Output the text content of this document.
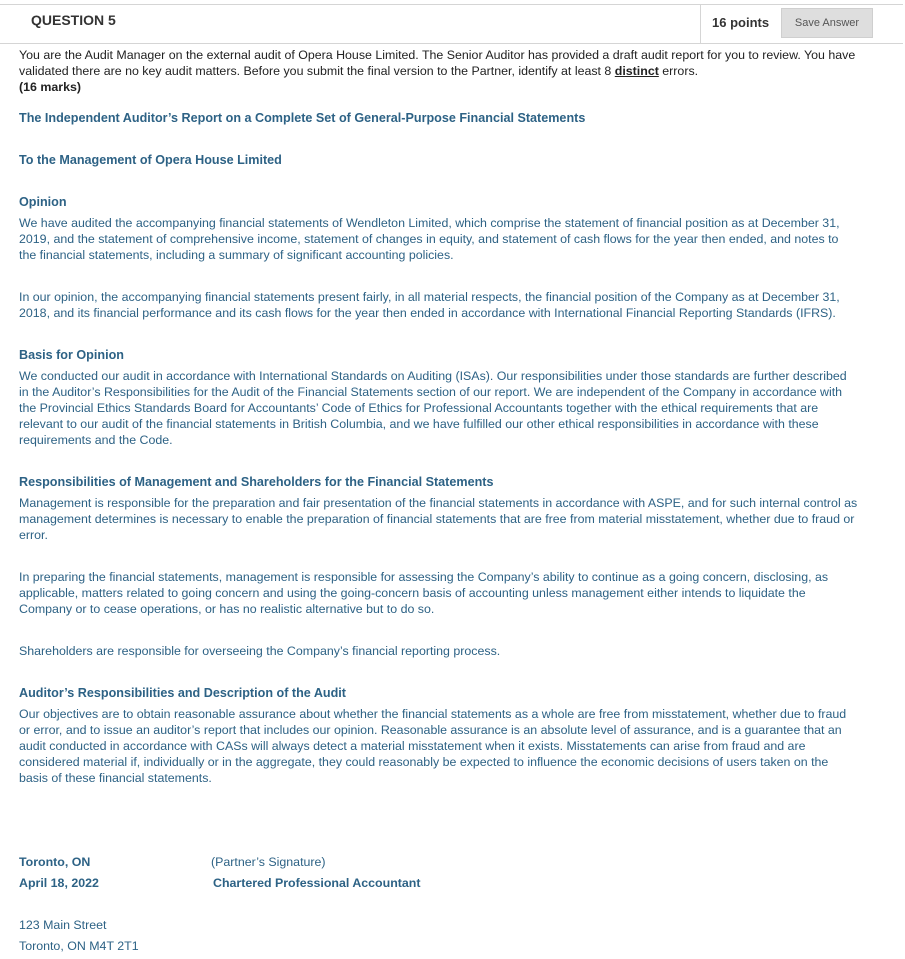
QUESTION 5	16 points	Save Answer

You are the Audit Manager on the external audit of Opera House Limited. The Senior Auditor has provided a draft audit report for you to review. You have validated there are no key audit matters. Before you submit the final version to the Partner, identify at least 8 distinct errors.
(16 marks)

The Independent Auditor’s Report on a Complete Set of General-Purpose Financial Statements
To the Management of Opera House Limited
Opinion

We have audited the accompanying financial statements of Wendleton Limited, which comprise the statement of financial position as at December 31, 2019, and the statement of comprehensive income, statement of changes in equity, and statement of cash flows for the year then ended, and notes to the financial statements, including a summary of significant accounting policies.

In our opinion, the accompanying financial statements present fairly, in all material respects, the financial position of the Company as at December 31, 2018, and its financial performance and its cash flows for the year then ended in accordance with International Financial Reporting Standards (IFRS).

Basis for Opinion

We conducted our audit in accordance with International Standards on Auditing (ISAs). Our responsibilities under those standards are further described in the Auditor’s Responsibilities for the Audit of the Financial Statements section of our report. We are independent of the Company in accordance with the Provincial Ethics Standards Board for Accountants’ Code of Ethics for Professional Accountants together with the ethical requirements that are relevant to our audit of the financial statements in British Columbia, and we have fulfilled our other ethical responsibilities in accordance with these requirements and the Code.

Responsibilities of Management and Shareholders for the Financial Statements

Management is responsible for the preparation and fair presentation of the financial statements in accordance with ASPE, and for such internal control as management determines is necessary to enable the preparation of financial statements that are free from material misstatement, whether due to fraud or error.

In preparing the financial statements, management is responsible for assessing the Company’s ability to continue as a going concern, disclosing, as applicable, matters related to going concern and using the going-concern basis of accounting unless management either intends to liquidate the Company or to cease operations, or has no realistic alternative but to do so.

Shareholders are responsible for overseeing the Company’s financial reporting process.

Auditor’s Responsibilities and Description of the Audit

Our objectives are to obtain reasonable assurance about whether the financial statements as a whole are free from misstatement, whether due to fraud or error, and to issue an auditor’s report that includes our opinion. Reasonable assurance is an absolute level of assurance, and is a guarantee that an audit conducted in accordance with CASs will always detect a material misstatement when it exists. Misstatements can arise from fraud and are considered material if, individually or in the aggregate, they could reasonably be expected to influence the economic decisions of users taken on the basis of these financial statements.

Toronto, ON
April 18, 2022
(Partner’s Signature)
Chartered Professional Accountant
123 Main Street
Toronto, ON M4T 2T1
